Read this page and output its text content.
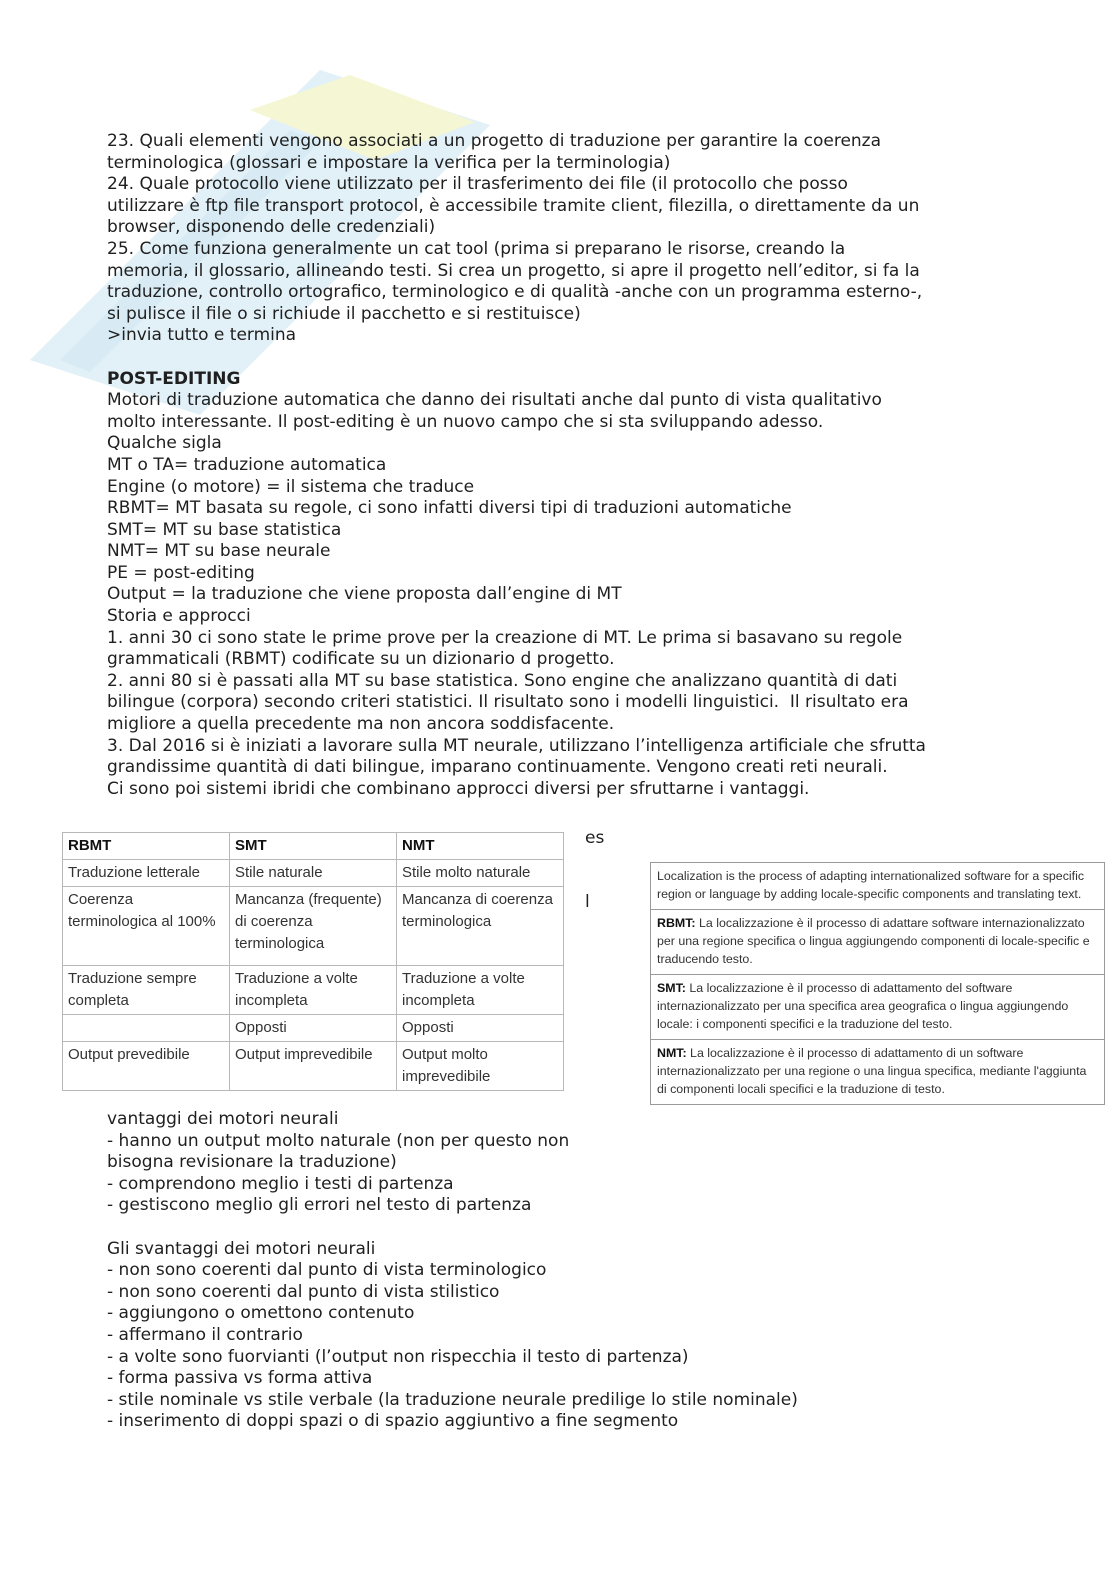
23. Quali elementi vengono associati a un progetto di traduzione per garantire la coerenza
terminologica (glossari e impostare la verifica per la terminologia)
24. Quale protocollo viene utilizzato per il trasferimento dei file (il protocollo che posso
utilizzare è ftp file transport protocol, è accessibile tramite client, filezilla, o direttamente da un
browser, disponendo delle credenziali)
25. Come funziona generalmente un cat tool (prima si preparano le risorse, creando la
memoria, il glossario, allineando testi. Si crea un progetto, si apre il progetto nell’editor, si fa la
traduzione, controllo ortografico, terminologico e di qualità -anche con un programma esterno-,
si pulisce il file o si richiude il pacchetto e si restituisce)
>invia tutto e termina
POST-EDITING
Motori di traduzione automatica che danno dei risultati anche dal punto di vista qualitativo
molto interessante. Il post-editing è un nuovo campo che si sta sviluppando adesso.
Qualche sigla
MT o TA= traduzione automatica
Engine (o motore) = il sistema che traduce
RBMT= MT basata su regole, ci sono infatti diversi tipi di traduzioni automatiche
SMT= MT su base statistica
NMT= MT su base neurale
PE = post-editing
Output = la traduzione che viene proposta dall’engine di MT
Storia e approcci
1. anni 30 ci sono state le prime prove per la creazione di MT. Le prima si basavano su regole
grammaticali (RBMT) codificate su un dizionario d progetto.
2. anni 80 si è passati alla MT su base statistica. Sono engine che analizzano quantità di dati
bilingue (corpora) secondo criteri statistici. Il risultato sono i modelli linguistici.  Il risultato era
migliore a quella precedente ma non ancora soddisfacente.
3. Dal 2016 si è iniziati a lavorare sulla MT neurale, utilizzano l’intelligenza artificiale che sfrutta
grandissime quantità di dati bilingue, imparano continuamente. Vengono creati reti neurali.
Ci sono poi sistemi ibridi che combinano approcci diversi per sfruttarne i vantaggi.
RBMT	SMT	NMT
Traduzione letterale	Stile naturale	Stile molto naturale
Coerenza terminologica al 100%	Mancanza (frequente) di coerenza terminologica	Mancanza di coerenza terminologica
Traduzione sempre completa	Traduzione a volte incompleta	Traduzione a volte incompleta
	Opposti	Opposti
Output prevedibile	Output imprevedibile	Output molto imprevedibile
es
l
Localization is the process of adapting internationalized software for a specific region or language by adding locale-specific components and translating text.
RBMT: La localizzazione è il processo di adattare software internazionalizzato per una regione specifica o lingua aggiungendo componenti di locale-specific e traducendo testo.
SMT: La localizzazione è il processo di adattamento del software internazionalizzato per una specifica area geografica o lingua aggiungendo locale: i componenti specifici e la traduzione del testo.
NMT: La localizzazione è il processo di adattamento di un software internazionalizzato per una regione o una lingua specifica, mediante l'aggiunta di componenti locali specifici e la traduzione di testo.
vantaggi dei motori neurali
- hanno un output molto naturale (non per questo non
bisogna revisionare la traduzione)
- comprendono meglio i testi di partenza
- gestiscono meglio gli errori nel testo di partenza
Gli svantaggi dei motori neurali
- non sono coerenti dal punto di vista terminologico
- non sono coerenti dal punto di vista stilistico
- aggiungono o omettono contenuto
- affermano il contrario
- a volte sono fuorvianti (l’output non rispecchia il testo di partenza)
- forma passiva vs forma attiva
- stile nominale vs stile verbale (la traduzione neurale predilige lo stile nominale)
- inserimento di doppi spazi o di spazio aggiuntivo a fine segmento
